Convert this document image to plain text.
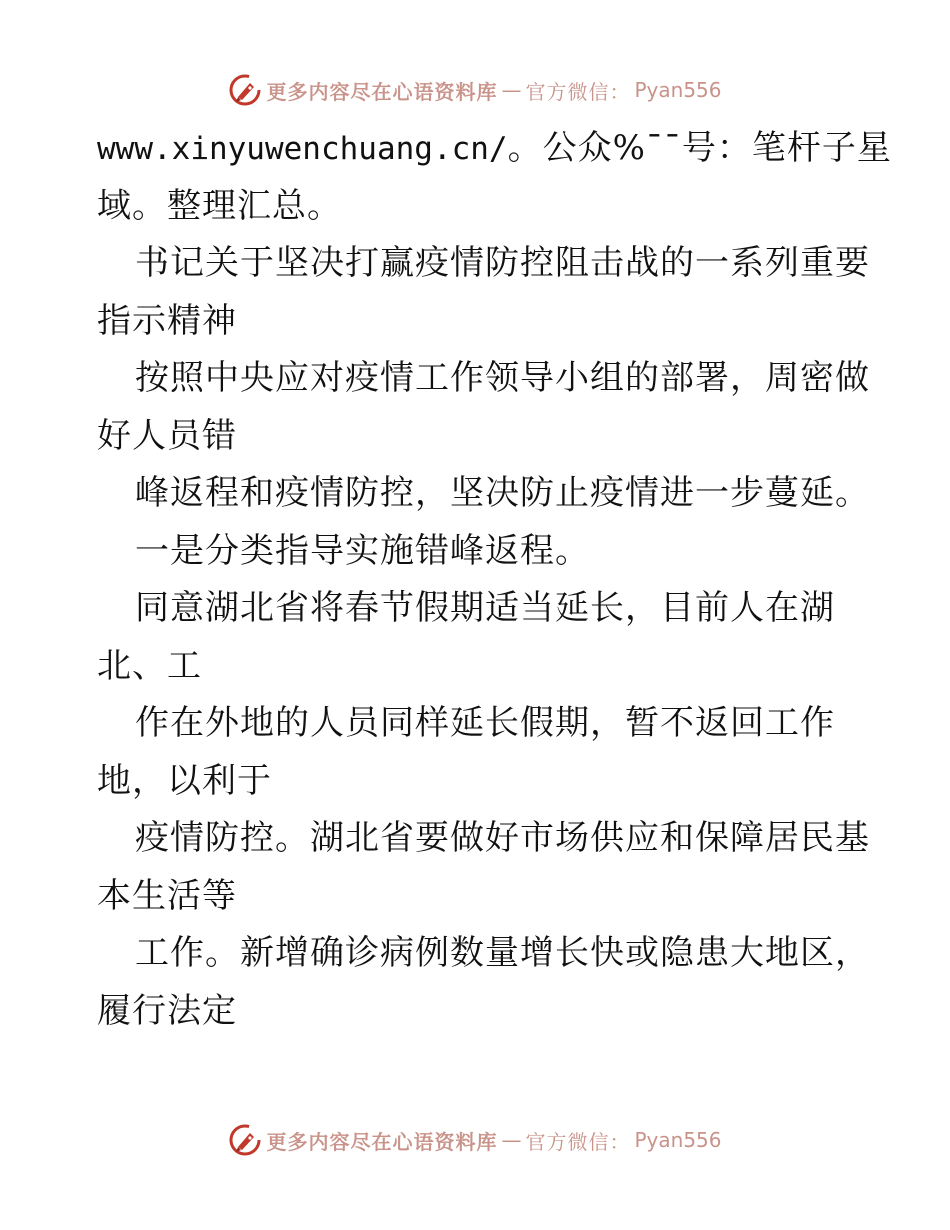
更多内容尽在心语资料库 — 官方微信： Pyan556
www.xinyuwenchuang.cn/。公众%¯¯号：笔杆子星
域。整理汇总。
书记关于坚决打赢疫情防控阻击战的一系列重要
指示精神
按照中央应对疫情工作领导小组的部署，周密做
好人员错
峰返程和疫情防控，坚决防止疫情进一步蔓延。
一是分类指导实施错峰返程。
同意湖北省将春节假期适当延长，目前人在湖
北、工
作在外地的人员同样延长假期，暂不返回工作
地，以利于
疫情防控。湖北省要做好市场供应和保障居民基
本生活等
工作。新增确诊病例数量增长快或隐患大地区，
履行法定
更多内容尽在心语资料库 — 官方微信： Pyan556
